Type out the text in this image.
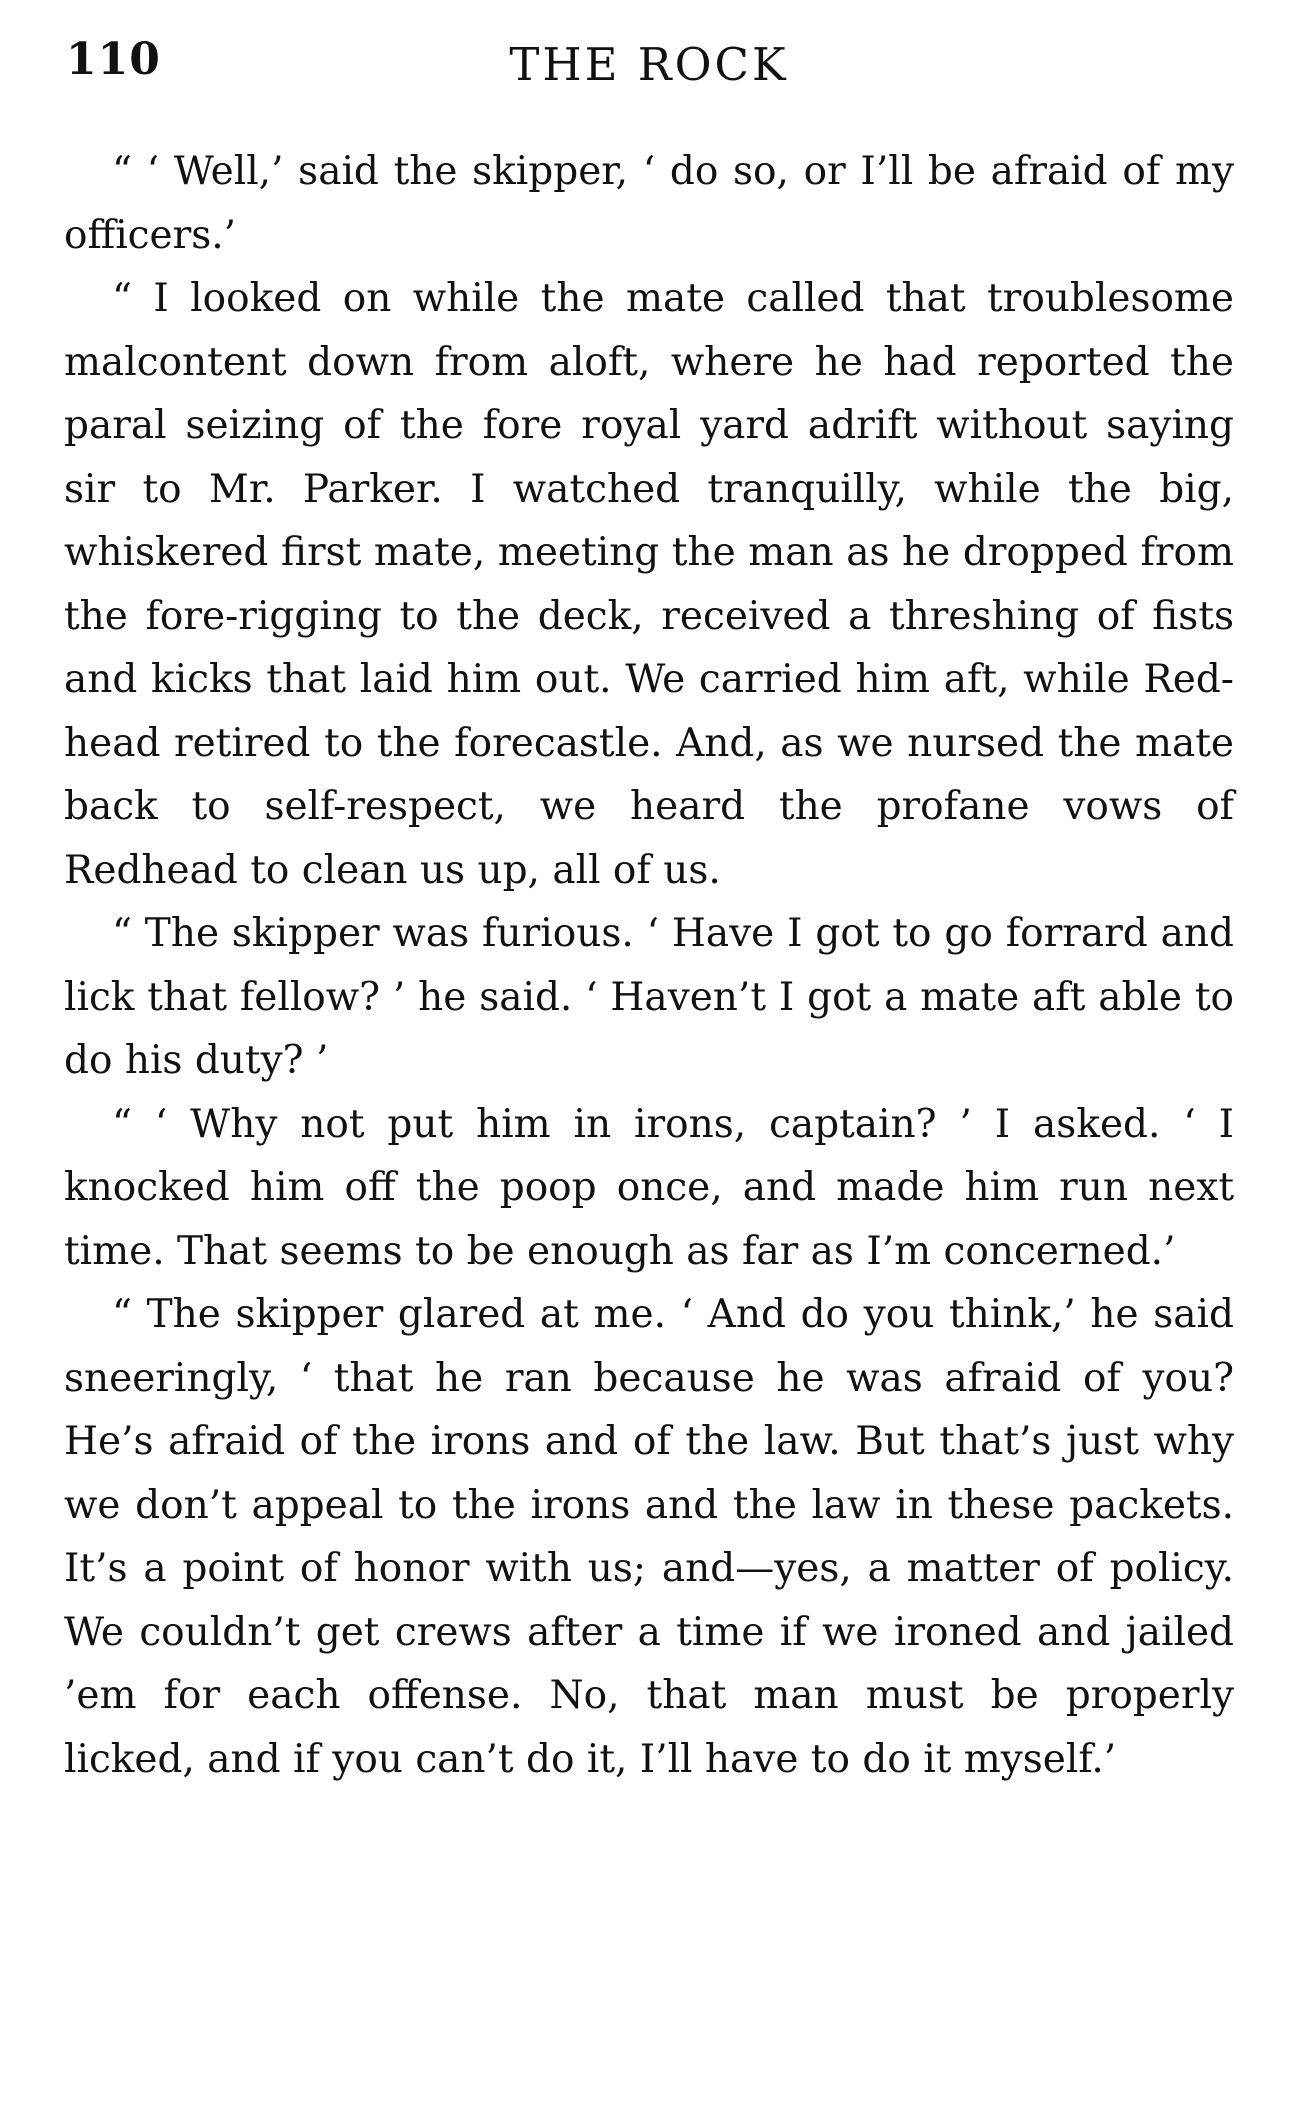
110	THE ROCK

“ ‘ Well,’ said the skipper, ‘ do so, or I’ll be afraid of my officers.’

“ I looked on while the mate called that troublesome malcontent down from aloft, where he had reported the paral seizing of the fore royal yard adrift without saying sir to Mr. Parker. I watched tranquilly, while the big, whiskered first mate, meeting the man as he dropped from the fore-rigging to the deck, received a threshing of fists and kicks that laid him out. We carried him aft, while Red-head retired to the forecastle. And, as we nursed the mate back to self-respect, we heard the profane vows of Redhead to clean us up, all of us.

“ The skipper was furious. ‘ Have I got to go forrard and lick that fellow? ’ he said. ‘ Haven’t I got a mate aft able to do his duty? ’

“ ‘ Why not put him in irons, captain? ’ I asked. ‘ I knocked him off the poop once, and made him run next time. That seems to be enough as far as I’m concerned.’

“ The skipper glared at me. ‘ And do you think,’ he said sneeringly, ‘ that he ran because he was afraid of you? He’s afraid of the irons and of the law. But that’s just why we don’t appeal to the irons and the law in these packets. It’s a point of honor with us; and—yes, a matter of policy. We couldn’t get crews after a time if we ironed and jailed ’em for each offense. No, that man must be properly licked, and if you can’t do it, I’ll have to do it myself.’
